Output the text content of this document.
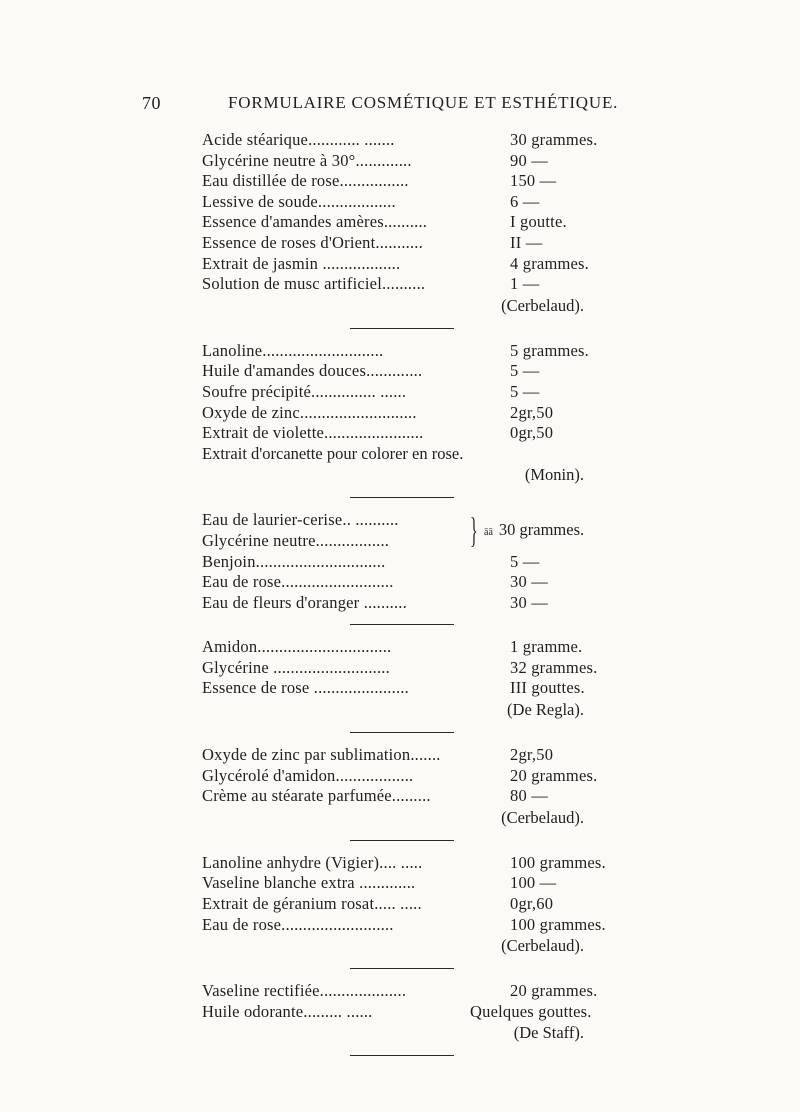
70	FORMULAIRE COSMÉTIQUE ET ESTHÉTIQUE.
Acide stéarique............ .......	30 grammes.
Glycérine neutre à 30°.............	90 —
Eau distillée de rose................	150 —
Lessive de soude..................	6 —
Essence d'amandes amères..........	I goutte.
Essence de roses d'Orient...........	II —
Extrait de jasmin ..................	4 grammes.
Solution de musc artificiel..........	1 —
(Cerbelaud).
Lanoline............................	5 grammes.
Huile d'amandes douces.............	5 —
Soufre précipité............... ......	5 —
Oxyde de zinc...........................	2gr,50
Extrait de violette.......................	0gr,50
Extrait d'orcanette pour colorer en rose.
(Monin).
Eau de laurier-cerise.. ..........
Glycérine neutre................. } āā 30 grammes.
Benjoin..............................	5 —
Eau de rose..........................	30 —
Eau de fleurs d'oranger ..........	30 —
Amidon...............................	1 gramme.
Glycérine ...........................	32 grammes.
Essence de rose ......................	III gouttes.
(De Regla).
Oxyde de zinc par sublimation.......	2gr,50
Glycérolé d'amidon..................	20 grammes.
Crème au stéarate parfumée.........	80 —
(Cerbelaud).
Lanoline anhydre (Vigier).... .....	100 grammes.
Vaseline blanche extra .............	100 —
Extrait de géranium rosat..... .....	0gr,60
Eau de rose..........................	100 grammes.
(Cerbelaud).
Vaseline rectifiée....................	20 grammes.
Huile odorante......... ......	Quelques gouttes.
(De Staff).
